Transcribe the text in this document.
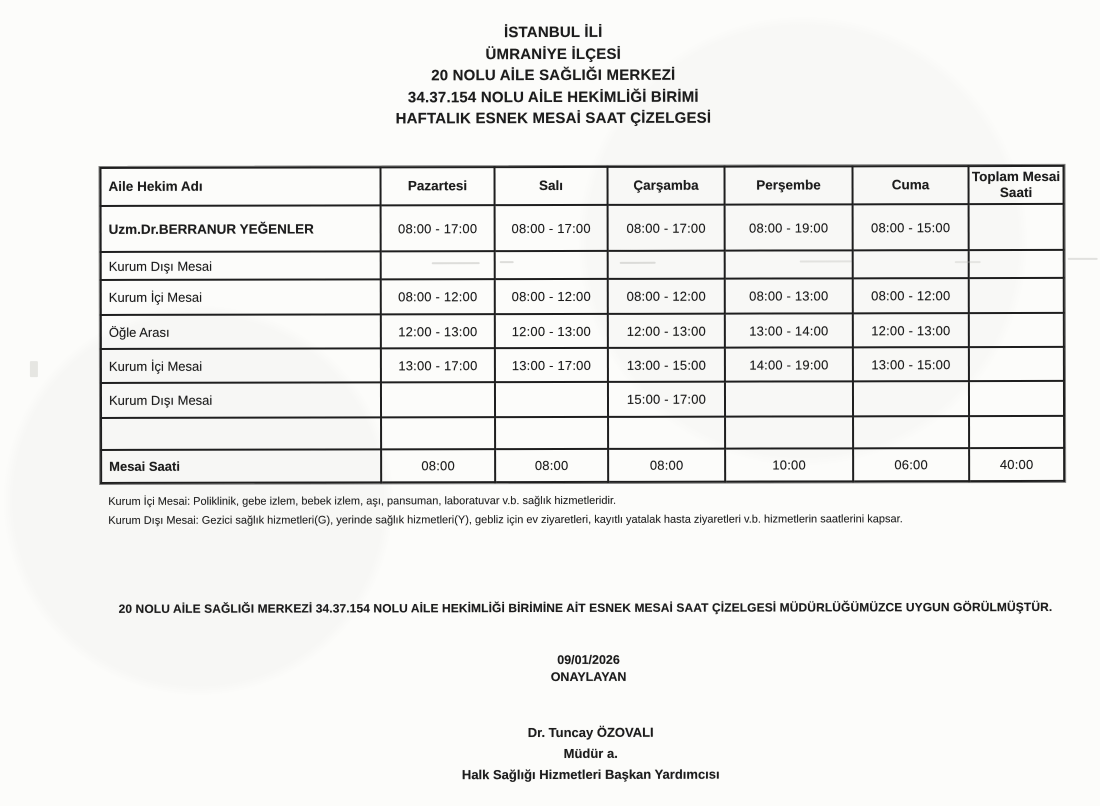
İSTANBUL İLİ
ÜMRANİYE İLÇESİ
20 NOLU AİLE SAĞLIĞI MERKEZİ
34.37.154 NOLU AİLE HEKİMLİĞİ BİRİMİ
HAFTALIK ESNEK MESAİ SAAT ÇİZELGESİ
Aile Hekim Adı	Pazartesi	Salı	Çarşamba	Perşembe	Cuma	Toplam Mesai Saati
Uzm.Dr.BERRANUR YEĞENLER	08:00 - 17:00	08:00 - 17:00	08:00 - 17:00	08:00 - 19:00	08:00 - 15:00	
Kurum Dışı Mesai						
Kurum İçi Mesai	08:00 - 12:00	08:00 - 12:00	08:00 - 12:00	08:00 - 13:00	08:00 - 12:00	
Öğle Arası	12:00 - 13:00	12:00 - 13:00	12:00 - 13:00	13:00 - 14:00	12:00 - 13:00	
Kurum İçi Mesai	13:00 - 17:00	13:00 - 17:00	13:00 - 15:00	14:00 - 19:00	13:00 - 15:00	
Kurum Dışı Mesai			15:00 - 17:00			

Mesai Saati	08:00	08:00	08:00	10:00	06:00	40:00

Kurum İçi Mesai: Poliklinik, gebe izlem, bebek izlem, aşı, pansuman, laboratuvar v.b. sağlık hizmetleridir.

Kurum Dışı Mesai: Gezici sağlık hizmetleri(G), yerinde sağlık hizmetleri(Y), gebliz için ev ziyaretleri, kayıtlı yatalak hasta ziyaretleri v.b. hizmetlerin saatlerini kapsar.

20 NOLU AİLE SAĞLIĞI MERKEZİ 34.37.154 NOLU AİLE HEKİMLİĞİ BİRİMİNE AİT ESNEK MESAİ SAAT ÇİZELGESİ MÜDÜRLÜĞÜMÜZCE UYGUN GÖRÜLMÜŞTÜR.

09/01/2026
ONAYLAYAN
Dr. Tuncay ÖZOVALI
Müdür a.
Halk Sağlığı Hizmetleri Başkan Yardımcısı
